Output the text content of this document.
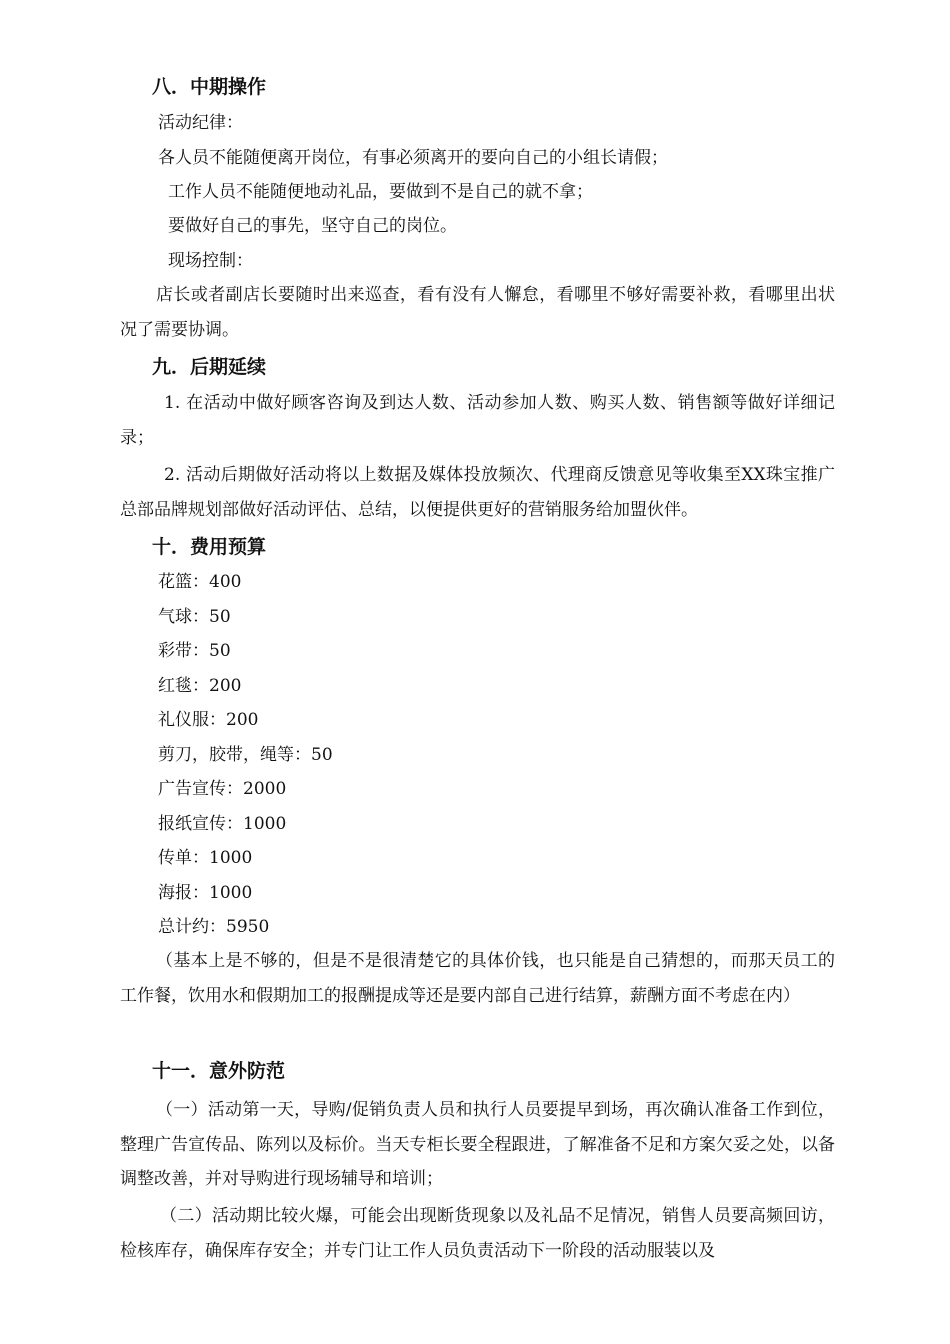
八．中期操作
活动纪律：
各人员不能随便离开岗位，有事必须离开的要向自己的小组长请假；
工作人员不能随便地动礼品，要做到不是自己的就不拿；
要做好自己的事先，坚守自己的岗位。
现场控制：
店长或者副店长要随时出来巡查，看有没有人懈怠，看哪里不够好需要补救，看哪里出状况了需要协调。
九．后期延续
1. 在活动中做好顾客咨询及到达人数、活动参加人数、购买人数、销售额等做好详细记录；
2. 活动后期做好活动将以上数据及媒体投放频次、代理商反馈意见等收集至XX珠宝推广总部品牌规划部做好活动评估、总结，以便提供更好的营销服务给加盟伙伴。
十．费用预算
花篮：400
气球：50
彩带：50
红毯：200
礼仪服：200
剪刀，胶带，绳等：50
广告宣传：2000
报纸宣传：1000
传单：1000
海报：1000
总计约：5950
（基本上是不够的，但是不是很清楚它的具体价钱，也只能是自己猜想的，而那天员工的工作餐，饮用水和假期加工的报酬提成等还是要内部自己进行结算，薪酬方面不考虑在内）
十一．意外防范
（一）活动第一天，导购/促销负责人员和执行人员要提早到场，再次确认准备工作到位，整理广告宣传品、陈列以及标价。当天专柜长要全程跟进，了解准备不足和方案欠妥之处，以备调整改善，并对导购进行现场辅导和培训；
（二）活动期比较火爆，可能会出现断货现象以及礼品不足情况，销售人员要高频回访，检核库存，确保库存安全；并专门让工作人员负责活动下一阶段的活动服装以及
